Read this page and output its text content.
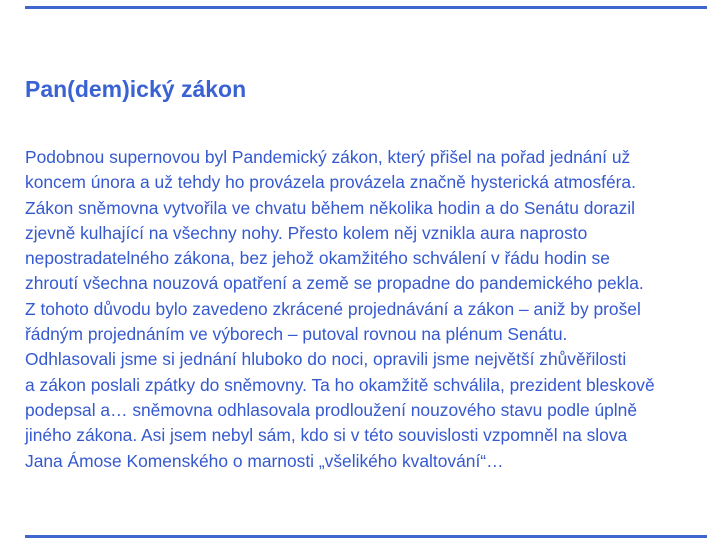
Pan(dem)ický zákon

Podobnou supernovou byl Pandemický zákon, který přišel na pořad jednání už
koncem února a už tehdy ho provázela provázela značně hysterická atmosféra.
Zákon sněmovna vytvořila ve chvatu během několika hodin a do Senátu dorazil
zjevně kulhající na všechny nohy. Přesto kolem něj vznikla aura naprosto
nepostradatelného zákona, bez jehož okamžitého schválení v řádu hodin se
zhroutí všechna nouzová opatření a země se propadne do pandemického pekla.
Z tohoto důvodu bylo zavedeno zkrácené projednávání a zákon – aniž by prošel
řádným projednáním ve výborech – putoval rovnou na plénum Senátu.
Odhlasovali jsme si jednání hluboko do noci, opravili jsme největší zhůvěřilosti
a zákon poslali zpátky do sněmovny. Ta ho okamžitě schválila, prezident bleskově
podepsal a… sněmovna odhlasovala prodloužení nouzového stavu podle úplně
jiného zákona. Asi jsem nebyl sám, kdo si v této souvislosti vzpomněl na slova
Jana Ámose Komenského o marnosti „všelikého kvaltování“…
